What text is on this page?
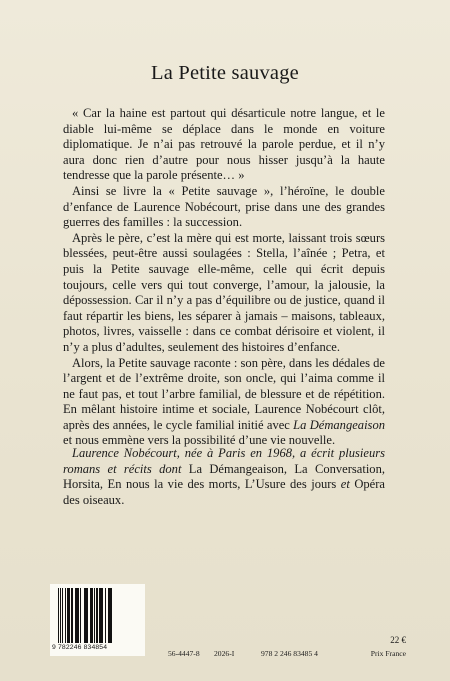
La Petite sauvage

« Car la haine est partout qui désarticule notre langue, et le diable lui-même se déplace dans le monde en voiture diplomatique. Je n’ai pas retrouvé la parole perdue, et il n’y aura donc rien d’autre pour nous hisser jusqu’à la haute tendresse que la parole présente… »

Ainsi se livre la « Petite sauvage », l’héroïne, le double d’enfance de Laurence Nobécourt, prise dans une des grandes guerres des familles : la succession.

Après le père, c’est la mère qui est morte, laissant trois sœurs blessées, peut-être aussi soulagées : Stella, l’aînée ; Petra, et puis la Petite sauvage elle-même, celle qui écrit depuis toujours, celle vers qui tout converge, l’amour, la jalousie, la dépossession. Car il n’y a pas d’équilibre ou de justice, quand il faut répartir les biens, les séparer à jamais – maisons, tableaux, photos, livres, vaisselle : dans ce combat dérisoire et violent, il n’y a plus d’adultes, seulement des histoires d’enfance.

Alors, la Petite sauvage raconte : son père, dans les dédales de l’argent et de l’extrême droite, son oncle, qui l’aima comme il ne faut pas, et tout l’arbre familial, de blessure et de répétition. En mêlant histoire intime et sociale, Laurence Nobécourt clôt, après des années, le cycle familial initié avec La Démangeaison et nous emmène vers la possibilité d’une vie nouvelle.

Laurence Nobécourt, née à Paris en 1968, a écrit plusieurs romans et récits dont La Démangeaison, La Conversation, Horsita, En nous la vie des morts, L’Usure des jours et Opéra des oiseaux.

9 782246 834854
56-4447-8 2026-I	978 2 246 83485 4
22 €
Prix France
